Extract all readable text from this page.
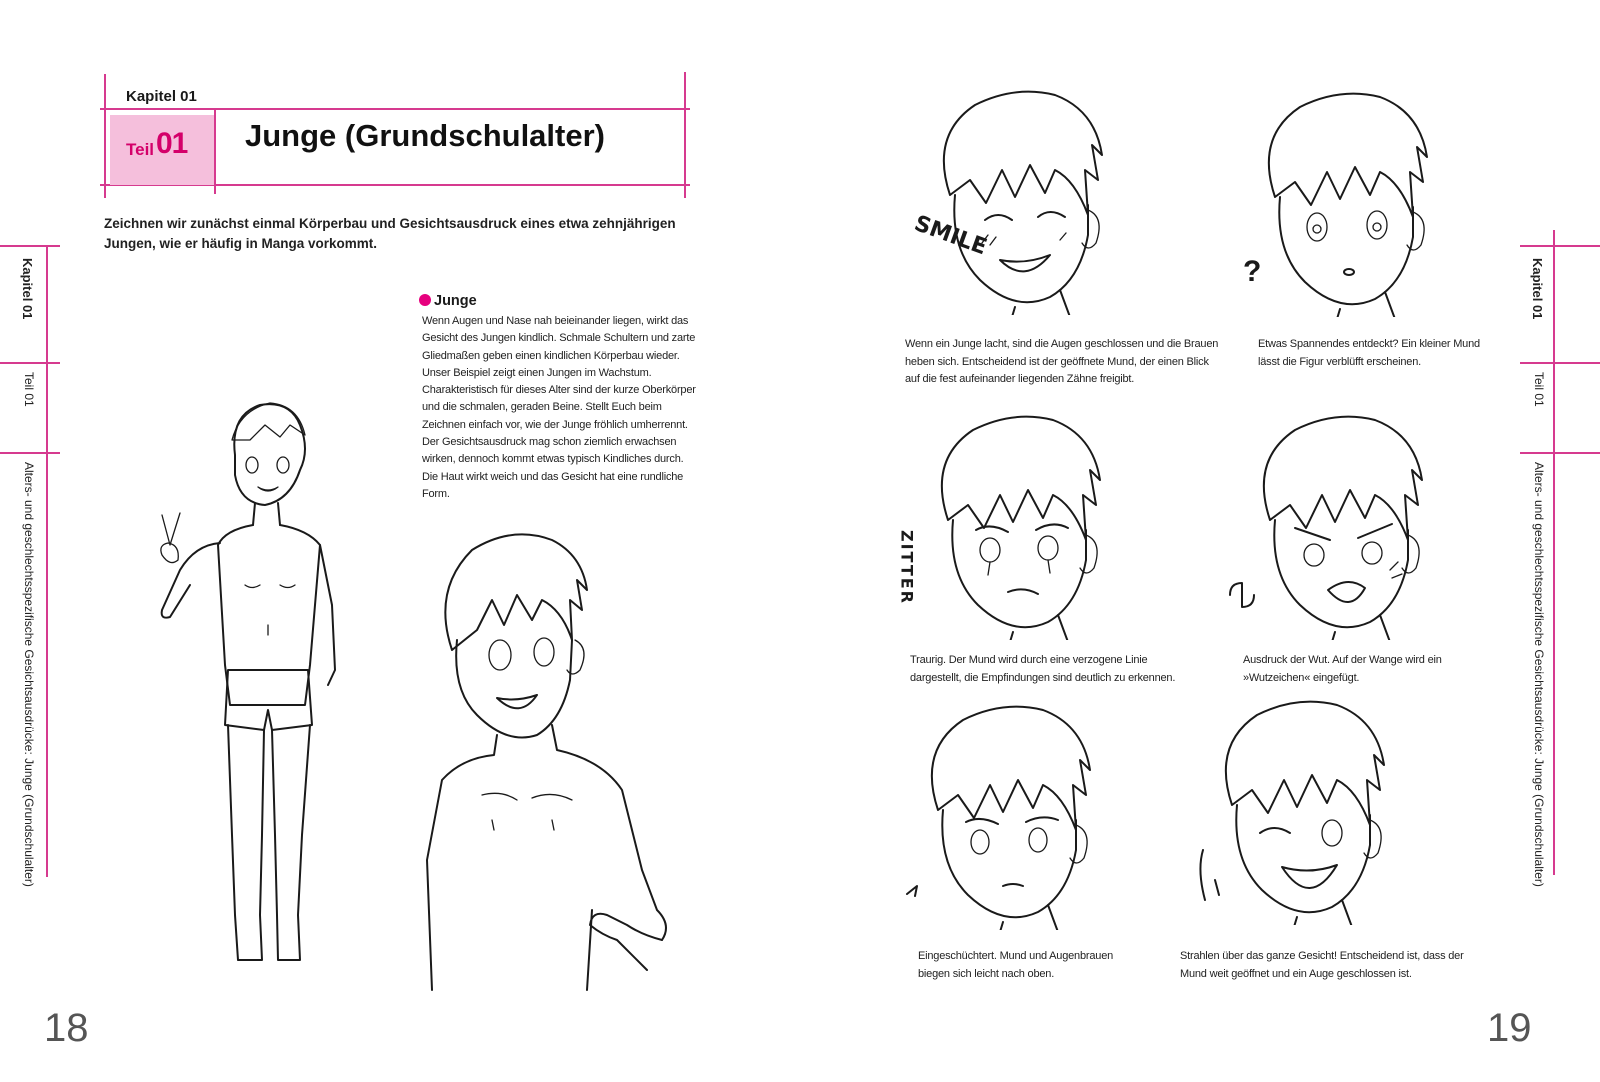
Kapitel 01
Teil 01 Junge (Grundschulalter)
Zeichnen wir zunächst einmal Körperbau und Gesichtsausdruck eines etwa zehnjährigen Jungen, wie er häufig in Manga vorkommt.
Junge
Wenn Augen und Nase nah beieinander liegen, wirkt das Gesicht des Jungen kindlich. Schmale Schultern und zarte Gliedmaßen geben einen kindlichen Körperbau wieder. Unser Beispiel zeigt einen Jungen im Wachstum. Charakteristisch für dieses Alter sind der kurze Oberkörper und die schmalen, geraden Beine. Stellt Euch beim Zeichnen einfach vor, wie der Junge fröhlich umherrennt. Der Gesichtsausdruck mag schon ziemlich erwachsen wirken, dennoch kommt etwas typisch Kindliches durch. Die Haut wirkt weich und das Gesicht hat eine rundliche Form.
SMILE
?
ZITTER
Wenn ein Junge lacht, sind die Augen geschlossen und die Brauen heben sich. Entscheidend ist der geöffnete Mund, der einen Blick auf die fest aufeinander liegenden Zähne freigibt.
Etwas Spannendes entdeckt? Ein kleiner Mund lässt die Figur verblüfft erscheinen.
Traurig. Der Mund wird durch eine verzogene Linie dargestellt, die Empfindungen sind deutlich zu erkennen.
Ausdruck der Wut. Auf der Wange wird ein »Wutzeichen« eingefügt.
Eingeschüchtert. Mund und Augenbrauen biegen sich leicht nach oben.
Strahlen über das ganze Gesicht! Entscheidend ist, dass der Mund weit geöffnet und ein Auge geschlossen ist.
Kapitel 01
Teil 01
Alters- und geschlechtsspezifische Gesichtsausdrücke: Junge (Grundschulalter)
Kapitel 01
Teil 01
Alters- und geschlechtsspezifische Gesichtsausdrücke: Junge (Grundschulalter)
18	19
